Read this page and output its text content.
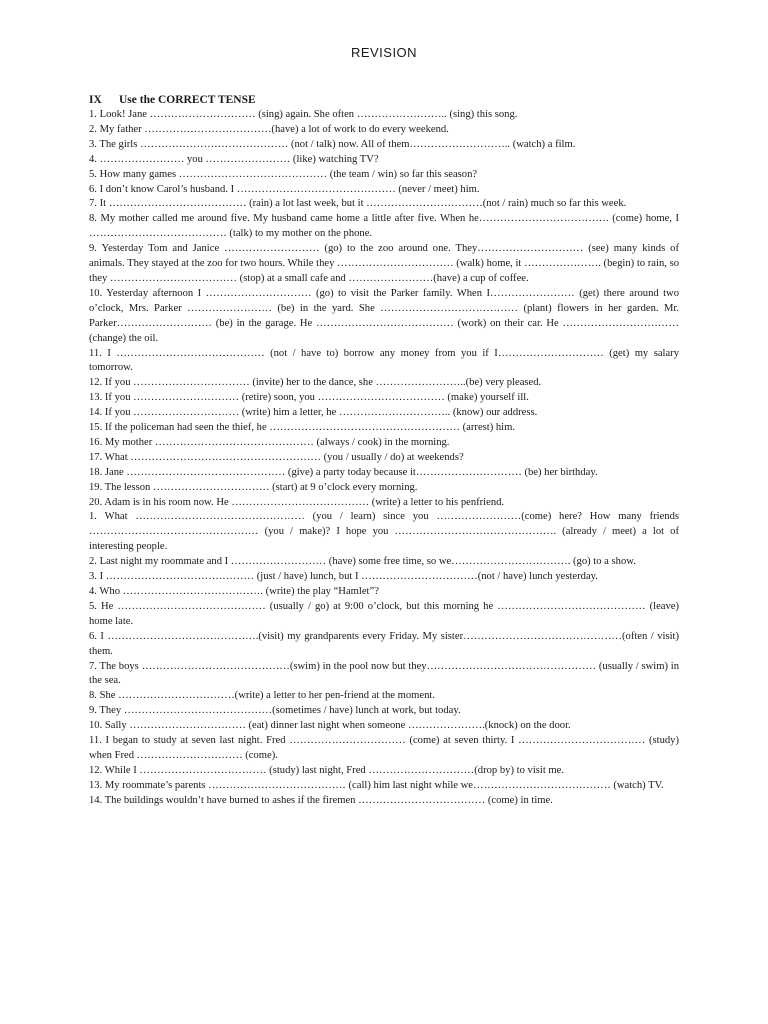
REVISION
IX Use the CORRECT TENSE

1. Look! Jane ………………………… (sing) again. She often …………………….. (sing) this song.

2. My father ………………………………(have) a lot of work to do every weekend.

3. The girls …………………………………… (not / talk) now. All of them……………………….. (watch) a film.

4. …………………… you …………………… (like) watching TV?

5. How many games …………………………………… (the team / win) so far this season?

6. I don’t know Carol’s husband. I ……………………………………… (never / meet) him.

7. It ………………………………… (rain) a lot last week, but it ……………………………(not / rain) much so far this week.

8. My mother called me around five. My husband came home a little after five. When he………………………………. (come) home, I ………………………………… (talk) to my mother on the phone.

9. Yesterday Tom and Janice ……………………… (go) to the zoo around one. They………………………… (see) many kinds of animals. They stayed at the zoo for two hours. While they …………………………… (walk) home, it …………………. (begin) to rain, so they ……………………………… (stop) at a small cafe and ……………………(have) a cup of coffee.

10. Yesterday afternoon I ………………………… (go) to visit the Parker family. When I…………………… (get) there around two o’clock, Mrs. Parker …………………… (be) in the yard. She ………………………………… (plant) flowers in her garden. Mr. Parker……………………… (be) in the garage. He ………………………………… (work) on their car. He …………………………… (change) the oil.

11. I …………………………………… (not / have to) borrow any money from you if I………………………… (get) my salary tomorrow.

12. If you …………………………… (invite) her to the dance, she ……………………..(be) very pleased.

13. If you ………………………… (retire) soon, you ……………………………… (make) yourself ill.

14. If you ………………………… (write) him a letter, he ………………………….. (know) our address.

15. If the policeman had seen the thief, he ……………………………………………… (arrest) him.

16. My mother ……………………………………… (always / cook) in the morning.

17. What ……………………………………………… (you / usually / do) at weekends?

18. Jane ……………………………………… (give) a party today because it………………………… (be) her birthday.

19. The lesson …………………………… (start) at 9 o’clock every morning.

20. Adam is in his room now. He ………………………………… (write) a letter to his penfriend.

1. What ………………………………………… (you / learn) since you ……………………(come) here? How many friends ………………………………………… (you / make)? I hope you ………………………………………. (already / meet) a lot of interesting people.

2. Last night my roommate and I ……………………… (have) some free time, so we……………………………. (go) to a show.

3. I …………………………………… (just / have) lunch, but I ……………………………(not / have) lunch yesterday.

4. Who …………………………………. (write) the play “Hamlet”?

5. He …………………………………… (usually / go) at 9:00 o’clock, but this morning he …………………………………… (leave) home late.

6. I …………………………………….(visit) my grandparents every Friday. My sister………………………………………(often / visit) them.

7. The boys ……………………………………(swim) in the pool now but they………………………………………… (usually / swim) in the sea.

8. She ……………………………(write) a letter to her pen-friend at the moment.

9. They ……………………………………(sometimes / have) lunch at work, but today.

10. Sally …………………………… (eat) dinner last night when someone ………………….(knock) on the door.

11. I began to study at seven last night. Fred …………………………… (come) at seven thirty. I ……………………………… (study) when Fred ………………………… (come).

12. While I ……………………………… (study) last night, Fred …………………………(drop by) to visit me.

13. My roommate’s parents ………………………………… (call) him last night while we………………………………… (watch) TV.

14. The buildings wouldn’t have burned to ashes if the firemen ……………………………… (come) in time.
